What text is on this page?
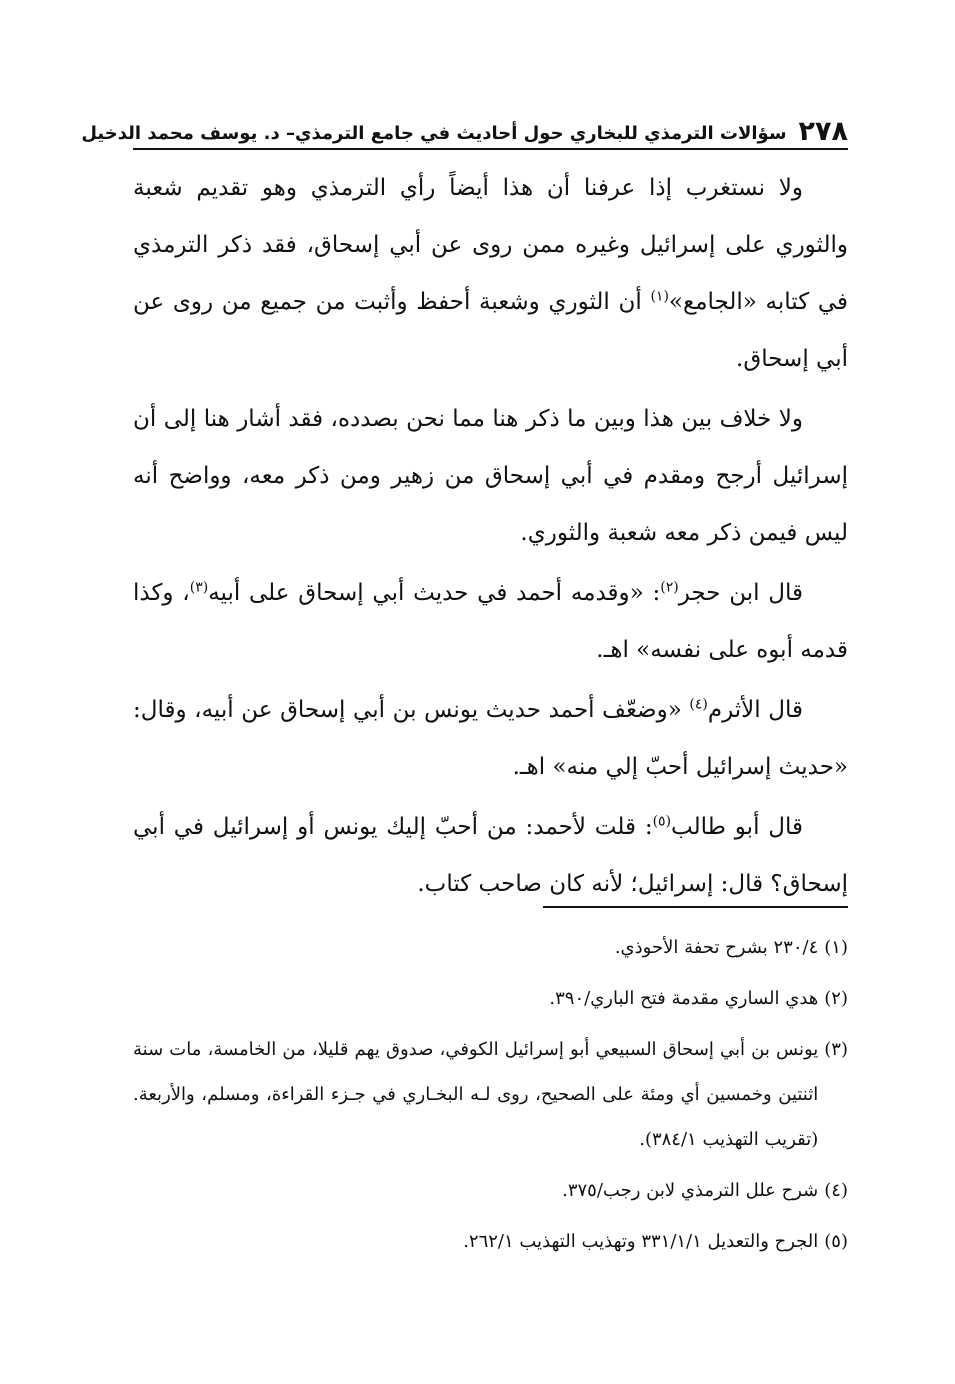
٢٧٨
سؤالات الترمذي للبخاري حول أحاديث في جامع الترمذي– د. يوسف محمد الدخيل

ولا نستغرب إذا عرفنا أن هذا أيضاً رأي الترمذي وهو تقديم شعبة والثوري على إسرائيل وغيره ممن روى عن أبي إسحاق، فقد ذكر الترمذي في كتابه «الجامع»$^{(١)}$ أن الثوري وشعبة أحفظ وأثبت من جميع من روى عن أبي إسحاق.

ولا خلاف بين هذا وبين ما ذكر هنا مما نحن بصدده، فقد أشار هنا إلى أن إسرائيل أرجح ومقدم في أبي إسحاق من زهير ومن ذكر معه، وواضح أنه ليس فيمن ذكر معه شعبة والثوري.

قال ابن حجر$^{(٢)}$: «وقدمه أحمد في حديث أبي إسحاق على أبيه$^{(٣)}$، وكذا قدمه أبوه على نفسه» اهـ.

قال الأثرم$^{(٤)}$ «وضعّف أحمد حديث يونس بن أبي إسحاق عن أبيه، وقال: «حديث إسرائيل أحبّ إلي منه» اهـ.

قال أبو طالب$^{(٥)}$: قلت لأحمد: من أحبّ إليك يونس أو إسرائيل في أبي إسحاق؟ قال: إسرائيل؛ لأنه كان صاحب كتاب.

(١)
٢٣٠/٤ بشرح تحفة الأحوذي.
(٢)
هدي الساري مقدمة فتح الباري/٣٩٠.
(٣)
يونس بن أبي إسحاق السبيعي أبو إسرائيل الكوفي، صدوق يهم قليلا، من الخامسة، مات سنة اثنتين وخمسين أي ومئة على الصحيح، روى لـه البخـاري في جـزء القراءة، ومسلم، والأربعة. (تقريب التهذيب ٣٨٤/١).
(٤)
شرح علل الترمذي لابن رجب/٣٧٥.
(٥)
الجرح والتعديل ٣٣١/١/١ وتهذيب التهذيب ٢٦٢/١.
